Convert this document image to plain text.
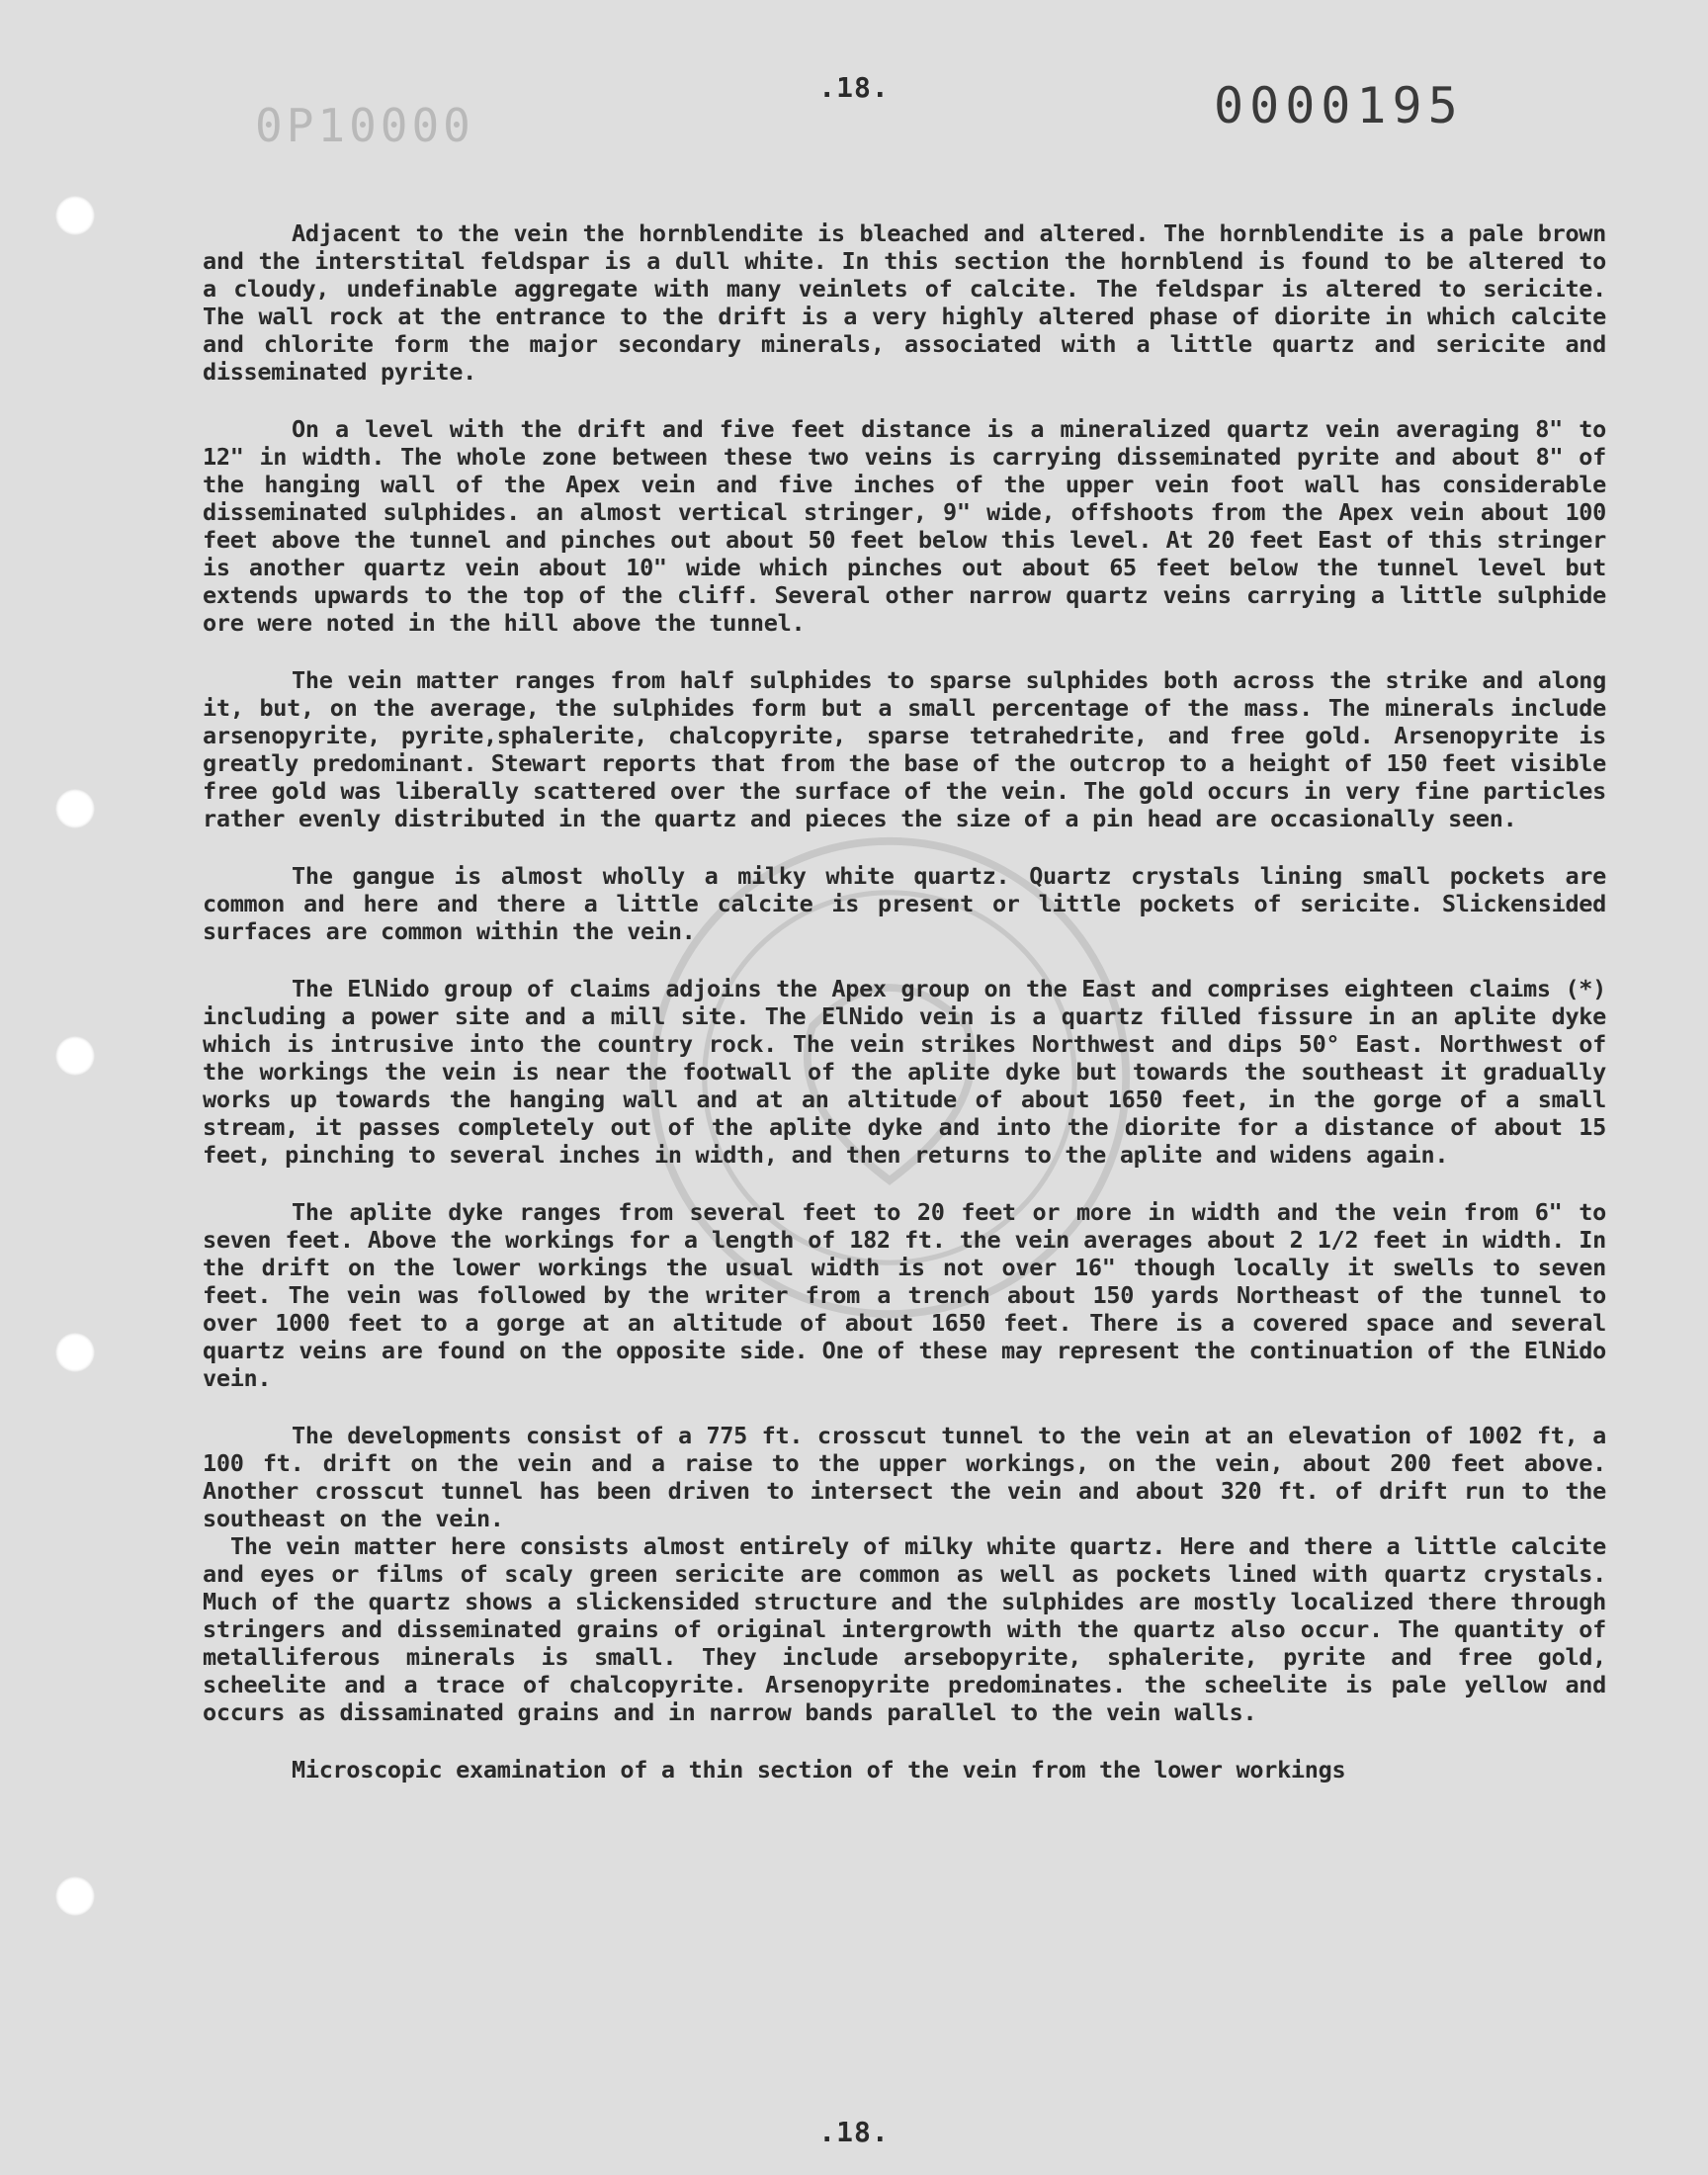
0P10000
.18.	0000195

Adjacent to the vein the hornblendite is bleached and altered. The hornblendite is a pale brown and the interstital feldspar is a dull white. In this section the hornblend is found to be altered to a cloudy, undefinable aggregate with many veinlets of calcite. The feldspar is altered to sericite. The wall rock at the entrance to the drift is a very highly altered phase of diorite in which calcite and chlorite form the major secondary minerals, associated with a little quartz and sericite and disseminated pyrite.

On a level with the drift and five feet distance is a mineralized quartz vein averaging 8" to 12" in width. The whole zone between these two veins is carrying disseminated pyrite and about 8" of the hanging wall of the Apex vein and five inches of the upper vein foot wall has considerable disseminated sulphides. an almost vertical stringer, 9" wide, offshoots from the Apex vein about 100 feet above the tunnel and pinches out about 50 feet below this level. At 20 feet East of this stringer is another quartz vein about 10" wide which pinches out about 65 feet below the tunnel level but extends upwards to the top of the cliff. Several other narrow quartz veins carrying a little sulphide ore were noted in the hill above the tunnel.

The vein matter ranges from half sulphides to sparse sulphides both across the strike and along it, but, on the average, the sulphides form but a small percentage of the mass. The minerals include arsenopyrite, pyrite,sphalerite, chalcopyrite, sparse tetrahedrite, and free gold. Arsenopyrite is greatly predominant. Stewart reports that from the base of the outcrop to a height of 150 feet visible free gold was liberally scattered over the surface of the vein. The gold occurs in very fine particles rather evenly distributed in the quartz and pieces the size of a pin head are occasionally seen.

The gangue is almost wholly a milky white quartz. Quartz crystals lining small pockets are common and here and there a little calcite is present or little pockets of sericite. Slickensided surfaces are common within the vein.

The ElNido group of claims adjoins the Apex group on the East and comprises eighteen claims (*) including a power site and a mill site. The ElNido vein is a quartz filled fissure in an aplite dyke which is intrusive into the country rock. The vein strikes Northwest and dips 50° East. Northwest of the workings the vein is near the footwall of the aplite dyke but towards the southeast it gradually works up towards the hanging wall and at an altitude of about 1650 feet, in the gorge of a small stream, it passes completely out of the aplite dyke and into the diorite for a distance of about 15 feet, pinching to several inches in width, and then returns to the aplite and widens again.

The aplite dyke ranges from several feet to 20 feet or more in width and the vein from 6" to seven feet. Above the workings for a length of 182 ft. the vein averages about 2 1/2 feet in width. In the drift on the lower workings the usual width is not over 16" though locally it swells to seven feet. The vein was followed by the writer from a trench about 150 yards Northeast of the tunnel to over 1000 feet to a gorge at an altitude of about 1650 feet. There is a covered space and several quartz veins are found on the opposite side. One of these may represent the continuation of the ElNido vein.

The developments consist of a 775 ft. crosscut tunnel to the vein at an elevation of 1002 ft, a 100 ft. drift on the vein and a raise to the upper workings, on the vein, about 200 feet above. Another crosscut tunnel has been driven to intersect the vein and about 320 ft. of drift run to the southeast on the vein.

The vein matter here consists almost entirely of milky white quartz. Here and there a little calcite and eyes or films of scaly green sericite are common as well as pockets lined with quartz crystals. Much of the quartz shows a slickensided structure and the sulphides are mostly localized there through stringers and disseminated grains of original intergrowth with the quartz also occur. The quantity of metalliferous minerals is small. They include arsebopyrite, sphalerite, pyrite and free gold, scheelite and a trace of chalcopyrite. Arsenopyrite predominates. the scheelite is pale yellow and occurs as dissaminated grains and in narrow bands parallel to the vein walls.

Microscopic examination of a thin section of the vein from the lower workings

.18.
